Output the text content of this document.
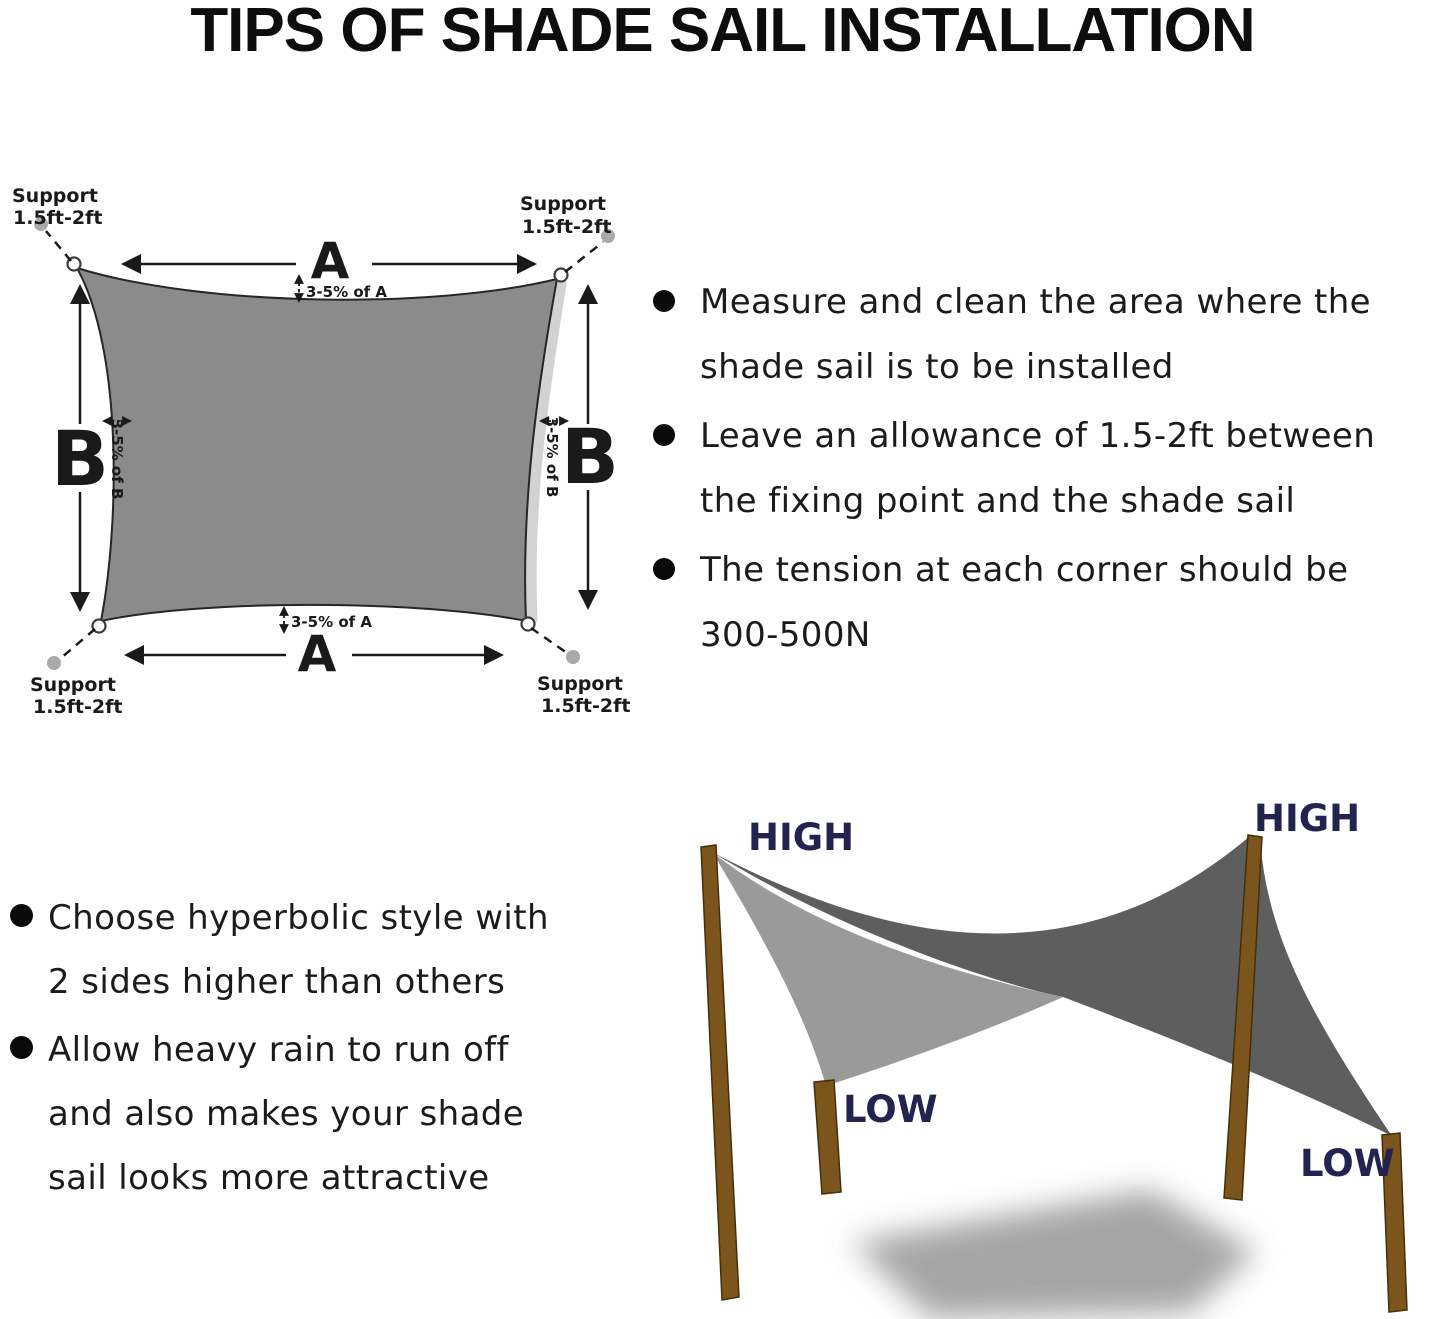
TIPS OF SHADE SAIL INSTALLATION
Support
1.5ft-2ft
Support
1.5ft-2ft
Support
1.5ft-2ft
Support
1.5ft-2ft
A
3-5% of A
A
3-5% of A
B 3-5% of B	B
3-5% of B
HIGH	HIGH
LOW
LOW
Measure and clean the area where the
shade sail is to be installed
Leave an allowance of 1.5-2ft between
the fixing point and the shade sail
The tension at each corner should be
300-500N
Choose hyperbolic style with
2 sides higher than others
Allow heavy rain to run off
and also makes your shade
sail looks more attractive
